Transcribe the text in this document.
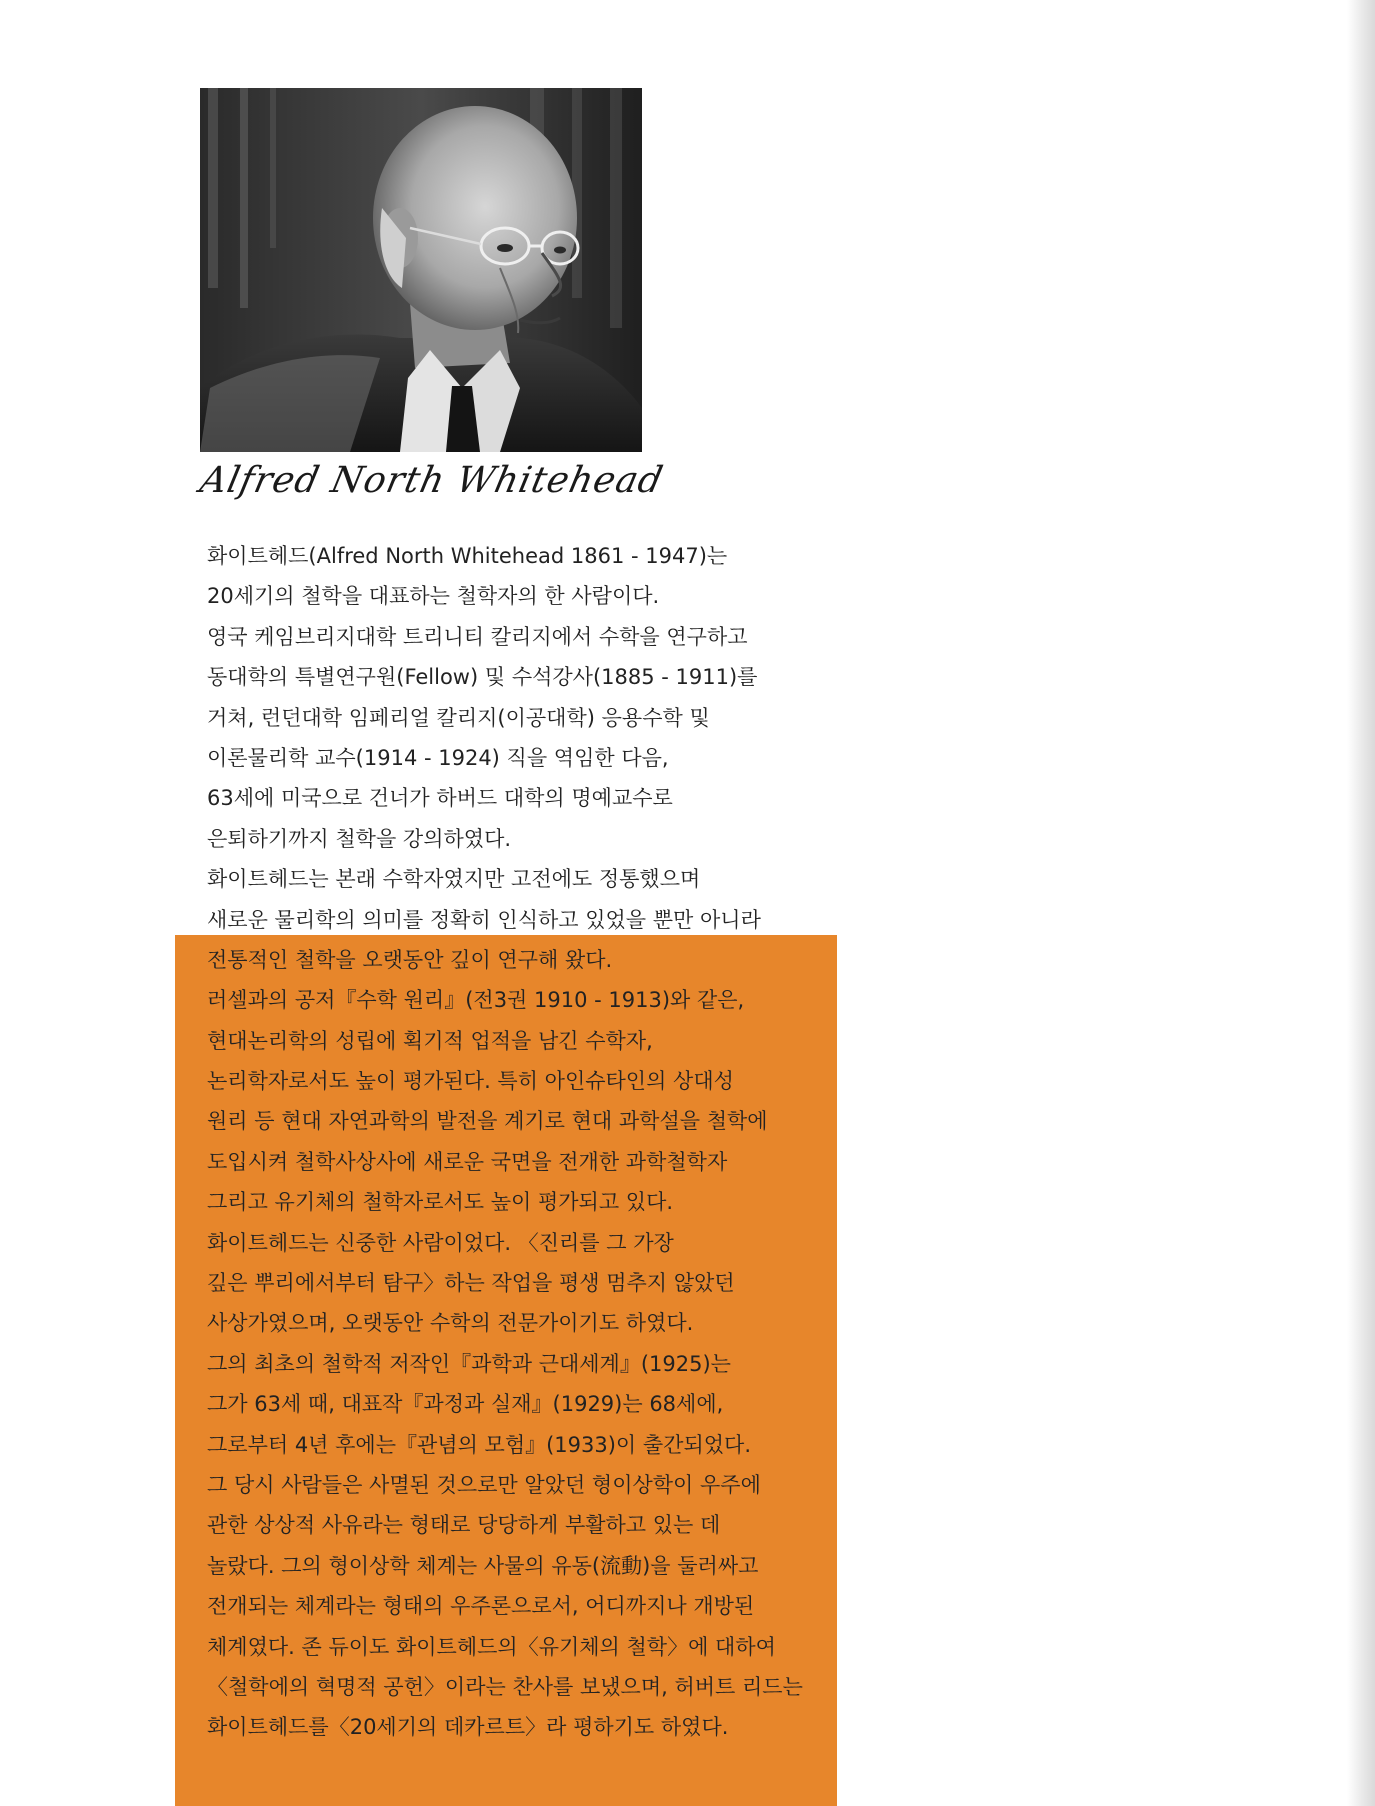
Alfred North Whitehead
화이트헤드(Alfred North Whitehead 1861 - 1947)는
20세기의 철학을 대표하는 철학자의 한 사람이다.
영국 케임브리지대학 트리니티 칼리지에서 수학을 연구하고
동대학의 특별연구원(Fellow) 및 수석강사(1885 - 1911)를
거쳐, 런던대학 임페리얼 칼리지(이공대학) 응용수학 및
이론물리학 교수(1914 - 1924) 직을 역임한 다음,
63세에 미국으로 건너가 하버드 대학의 명예교수로
은퇴하기까지 철학을 강의하였다.
화이트헤드는 본래 수학자였지만 고전에도 정통했으며
새로운 물리학의 의미를 정확히 인식하고 있었을 뿐만 아니라
전통적인 철학을 오랫동안 깊이 연구해 왔다.
러셀과의 공저『수학 원리』(전3권 1910 - 1913)와 같은,
현대논리학의 성립에 획기적 업적을 남긴 수학자,
논리학자로서도 높이 평가된다. 특히 아인슈타인의 상대성
원리 등 현대 자연과학의 발전을 계기로 현대 과학설을 철학에
도입시켜 철학사상사에 새로운 국면을 전개한 과학철학자
그리고 유기체의 철학자로서도 높이 평가되고 있다.
화이트헤드는 신중한 사람이었다. 〈진리를 그 가장
깊은 뿌리에서부터 탐구〉하는 작업을 평생 멈추지 않았던
사상가였으며, 오랫동안 수학의 전문가이기도 하였다.
그의 최초의 철학적 저작인『과학과 근대세계』(1925)는
그가 63세 때, 대표작『과정과 실재』(1929)는 68세에,
그로부터 4년 후에는『관념의 모험』(1933)이 출간되었다.
그 당시 사람들은 사멸된 것으로만 알았던 형이상학이 우주에
관한 상상적 사유라는 형태로 당당하게 부활하고 있는 데
놀랐다. 그의 형이상학 체계는 사물의 유동(流動)을 둘러싸고
전개되는 체계라는 형태의 우주론으로서, 어디까지나 개방된
체계였다. 존 듀이도 화이트헤드의〈유기체의 철학〉에 대하여
〈철학에의 혁명적 공헌〉이라는 찬사를 보냈으며, 허버트 리드는
화이트헤드를〈20세기의 데카르트〉라 평하기도 하였다.
